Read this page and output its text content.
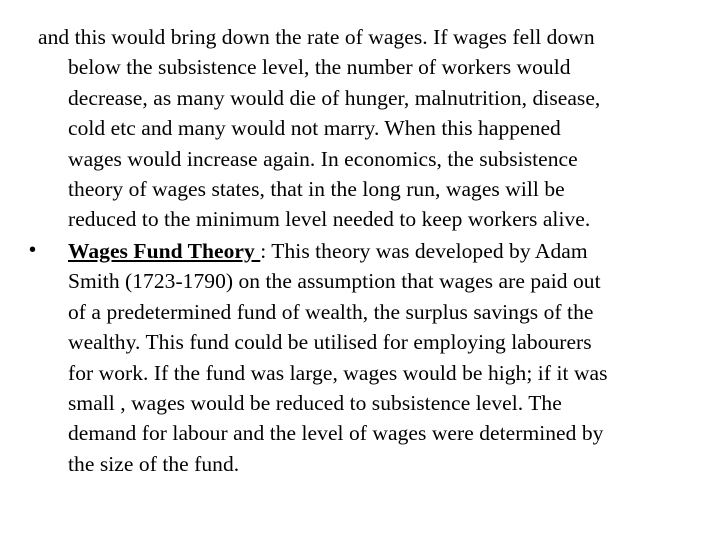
and this would bring down the rate of wages. If wages fell down
below the subsistence level, the number of workers would
decrease, as many would die of hunger, malnutrition, disease,
cold etc and many would not marry. When this happened
wages would increase again. In economics, the subsistence
theory of wages states, that in the long run, wages will be
reduced to the minimum level needed to keep workers alive.
•	Wages Fund Theory : This theory was developed by Adam
Smith (1723-1790) on the assumption that wages are paid out
of a predetermined fund of wealth, the surplus savings of the
wealthy. This fund could be utilised for employing labourers
for work. If the fund was large, wages would be high; if it was
small , wages would be reduced to subsistence level. The
demand for labour and the level of wages were determined by
the size of the fund.
